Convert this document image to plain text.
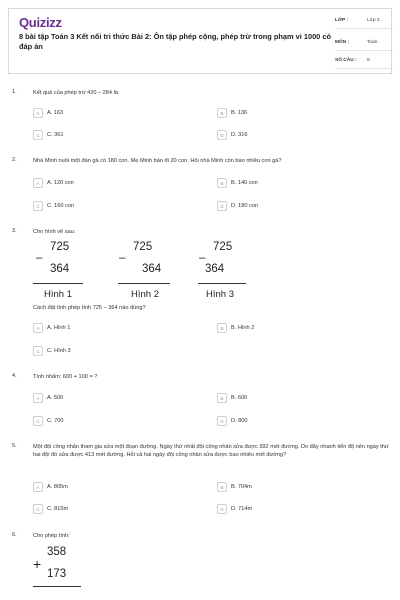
Quizizz
8 bài tập Toán 3 Kết nối tri thức Bài 2: Ôn tập phép cộng, phép trừ trong phạm vi 1000 có đáp án
LỚP :	Lớp 3
MÔN :	Toán
SỐ CÂU : 8
1.	Kết quả của phép trừ 420 – 284 là:
A	A. 163	B	B. 136
C	C. 361	D	D. 316
2.	Nhà Minh nuôi một đàn gà có 180 con. Mẹ Minh bán đi 20 con. Hỏi nhà Minh còn bao nhiêu con gà?
A	A. 120 con	B	B. 140 con
C	C. 160 con	D	D. 180 con
3.	Cho hình vẽ sau:
725
–
364
Hình 1
725
–
364
Hình 2
725
–
364
Hình 3
Cách đặt tính phép tính 725 – 364 nào đúng?
A	A. Hình 1	B	B. Hình 2
C	C. Hình 3
4.	Tính nhẩm: 600 + 100 = ?
A	A. 500	B	B. 600
C	C. 700	D	D. 800
5.	Một đội công nhân tham gia sửa một đoạn đường. Ngày thứ nhất đội công nhân sửa được 392 mét đường. Do đẩy nhanh tiến độ nên ngày thứ hai đội đó sửa được 413 mét đường. Hỏi cả hai ngày đội công nhân sửa được bao nhiêu mét đường?
A	A. 805m	B	B. 704m
C	C. 815m	D	D. 714m
6.	Cho phép tính:
358
+
173
